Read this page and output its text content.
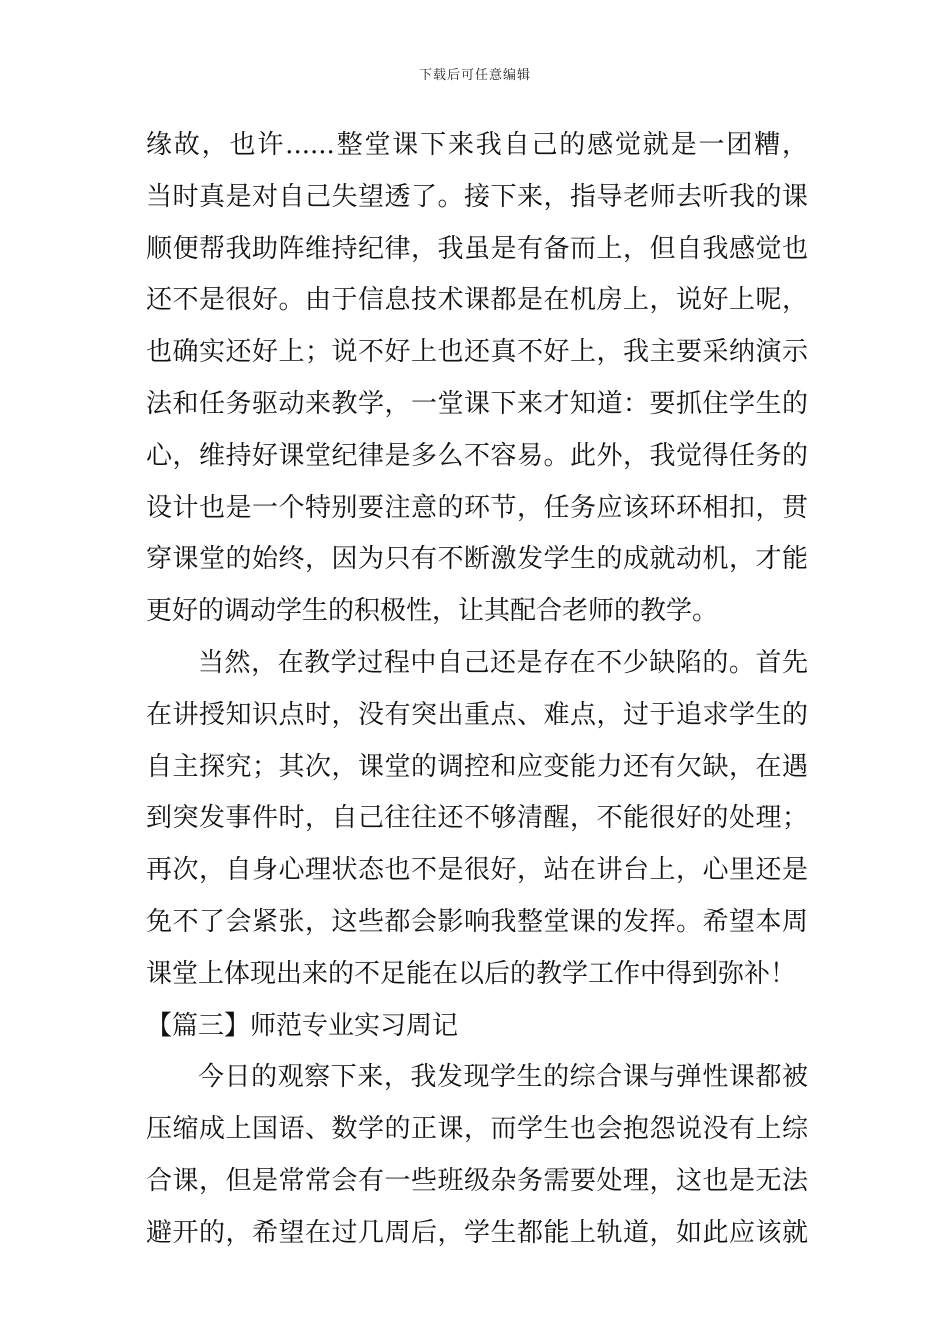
下载后可任意编辑
缘故，也许......整堂课下来我自己的感觉就是一团糟，
当时真是对自己失望透了。接下来，指导老师去听我的课
顺便帮我助阵维持纪律，我虽是有备而上，但自我感觉也
还不是很好。由于信息技术课都是在机房上，说好上呢，
也确实还好上；说不好上也还真不好上，我主要采纳演示
法和任务驱动来教学，一堂课下来才知道：要抓住学生的
心，维持好课堂纪律是多么不容易。此外，我觉得任务的
设计也是一个特别要注意的环节，任务应该环环相扣，贯
穿课堂的始终，因为只有不断激发学生的成就动机，才能
更好的调动学生的积极性，让其配合老师的教学。
当然，在教学过程中自己还是存在不少缺陷的。首先
在讲授知识点时，没有突出重点、难点，过于追求学生的
自主探究；其次，课堂的调控和应变能力还有欠缺，在遇
到突发事件时，自己往往还不够清醒，不能很好的处理；
再次，自身心理状态也不是很好，站在讲台上，心里还是
免不了会紧张，这些都会影响我整堂课的发挥。希望本周
课堂上体现出来的不足能在以后的教学工作中得到弥补！
【篇三】师范专业实习周记
今日的观察下来，我发现学生的综合课与弹性课都被
压缩成上国语、数学的正课，而学生也会抱怨说没有上综
合课，但是常常会有一些班级杂务需要处理，这也是无法
避开的，希望在过几周后，学生都能上轨道，如此应该就
